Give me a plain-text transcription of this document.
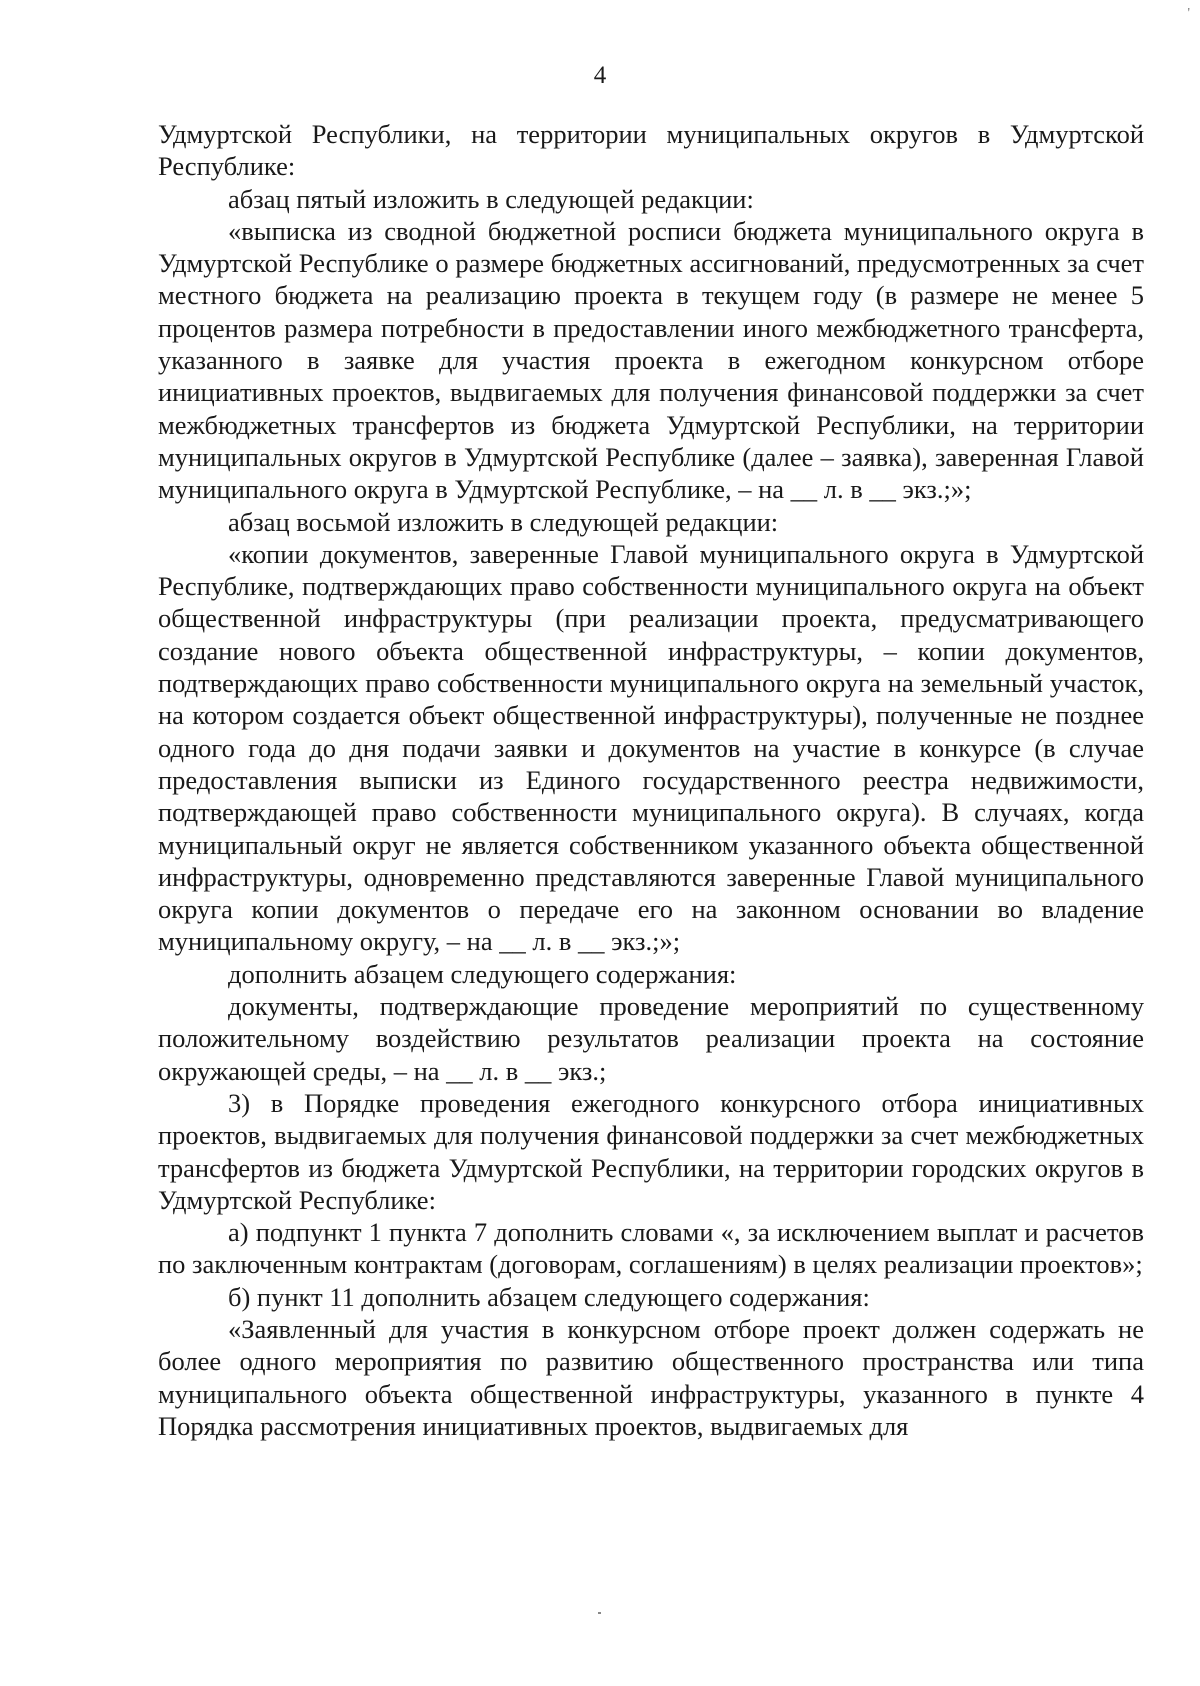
'
4

Удмуртской Республики, на территории муниципальных округов в Удмуртской Республике:

абзац пятый изложить в следующей редакции:

«выписка из сводной бюджетной росписи бюджета муниципального округа в Удмуртской Республике о размере бюджетных ассигнований, предусмотренных за счет местного бюджета на реализацию проекта в текущем году (в размере не менее 5 процентов размера потребности в предоставлении иного межбюджетного трансферта, указанного в заявке для участия проекта в ежегодном конкурсном отборе инициативных проектов, выдвигаемых для получения финансовой поддержки за счет межбюджетных трансфертов из бюджета Удмуртской Республики, на территории муниципальных округов в Удмуртской Республике (далее – заявка), заверенная Главой муниципального округа в Удмуртской Республике, – на __ л. в __ экз.;»;

абзац восьмой изложить в следующей редакции:

«копии документов, заверенные Главой муниципального округа в Удмуртской Республике, подтверждающих право собственности муниципального округа на объект общественной инфраструктуры (при реализации проекта, предусматривающего создание нового объекта общественной инфраструктуры, – копии документов, подтверждающих право собственности муниципального округа на земельный участок, на котором создается объект общественной инфраструктуры), полученные не позднее одного года до дня подачи заявки и документов на участие в конкурсе (в случае предоставления выписки из Единого государственного реестра недвижимости, подтверждающей право собственности муниципального округа). В случаях, когда муниципальный округ не является собственником указанного объекта общественной инфраструктуры, одновременно представляются заверенные Главой муниципального округа копии документов о передаче его на законном основании во владение муниципальному округу, – на __ л. в __ экз.;»;

дополнить абзацем следующего содержания:

документы, подтверждающие проведение мероприятий по существенному положительному воздействию результатов реализации проекта на состояние окружающей среды, – на __ л. в __ экз.;

3) в Порядке проведения ежегодного конкурсного отбора инициативных проектов, выдвигаемых для получения финансовой поддержки за счет межбюджетных трансфертов из бюджета Удмуртской Республики, на территории городских округов в Удмуртской Республике:

а) подпункт 1 пункта 7 дополнить словами «, за исключением выплат и расчетов по заключенным контрактам (договорам, соглашениям) в целях реализации проектов»;

б) пункт 11 дополнить абзацем следующего содержания:

«Заявленный для участия в конкурсном отборе проект должен содержать не более одного мероприятия по развитию общественного пространства или типа муниципального объекта общественной инфраструктуры, указанного в пункте 4 Порядка рассмотрения инициативных проектов, выдвигаемых для
